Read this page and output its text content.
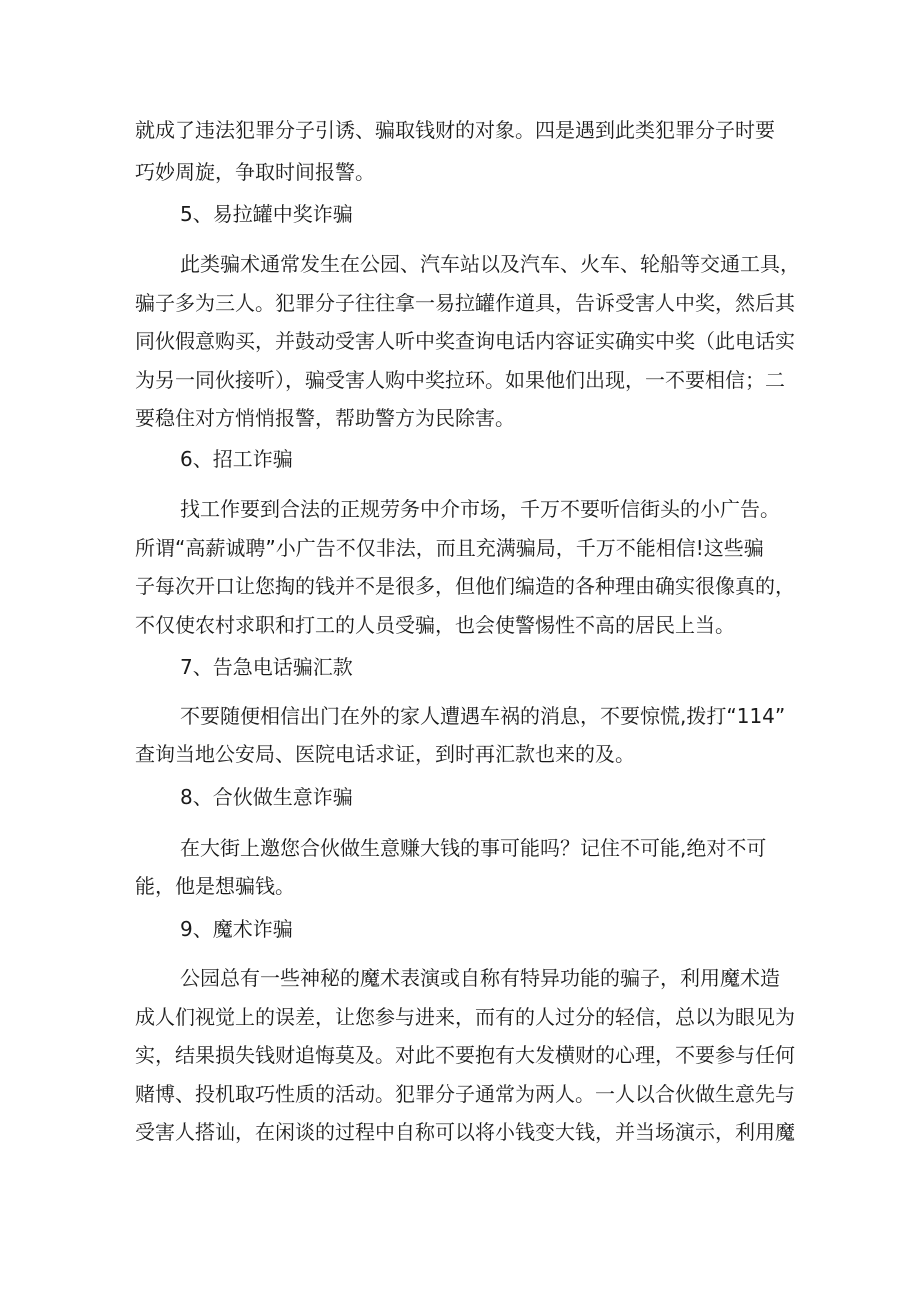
就成了违法犯罪分子引诱、骗取钱财的对象。四是遇到此类犯罪分子时要

巧妙周旋，争取时间报警。

5、易拉罐中奖诈骗

此类骗术通常发生在公园、汽车站以及汽车、火车、轮船等交通工具，

骗子多为三人。犯罪分子往往拿一易拉罐作道具，告诉受害人中奖，然后其

同伙假意购买，并鼓动受害人听中奖查询电话内容证实确实中奖（此电话实

为另一同伙接听），骗受害人购中奖拉环。如果他们出现，一不要相信；二

要稳住对方悄悄报警，帮助警方为民除害。

6、招工诈骗

找工作要到合法的正规劳务中介市场，千万不要听信街头的小广告。

所谓“高薪诚聘”小广告不仅非法，而且充满骗局，千万不能相信!这些骗

子每次开口让您掏的钱并不是很多，但他们编造的各种理由确实很像真的，

不仅使农村求职和打工的人员受骗，也会使警惕性不高的居民上当。

7、告急电话骗汇款

不要随便相信出门在外的家人遭遇车祸的消息，不要惊慌,拨打“114”

查询当地公安局、医院电话求证，到时再汇款也来的及。

8、合伙做生意诈骗

在大街上邀您合伙做生意赚大钱的事可能吗？记住不可能,绝对不可

能，他是想骗钱。

9、魔术诈骗

公园总有一些神秘的魔术表演或自称有特异功能的骗子，利用魔术造

成人们视觉上的误差，让您参与进来，而有的人过分的轻信，总以为眼见为

实，结果损失钱财追悔莫及。对此不要抱有大发横财的心理，不要参与任何

赌博、投机取巧性质的活动。犯罪分子通常为两人。一人以合伙做生意先与

受害人搭讪，在闲谈的过程中自称可以将小钱变大钱，并当场演示，利用魔
